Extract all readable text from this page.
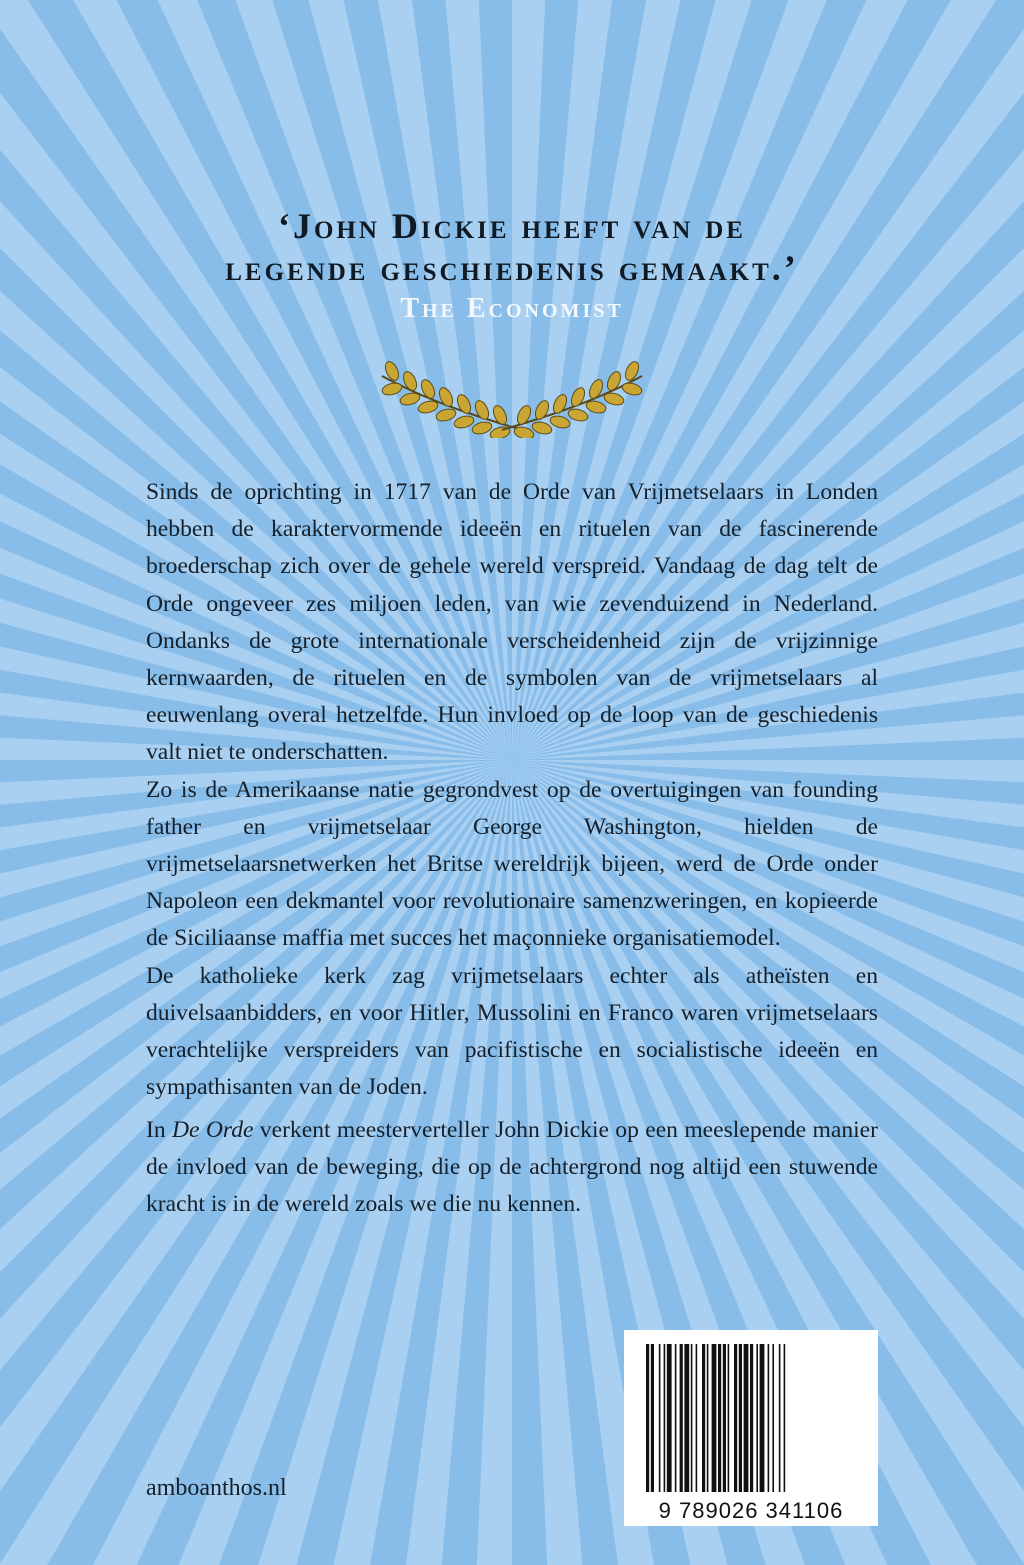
‘John Dickie heeft van de
legende geschiedenis gemaakt.’
The Economist
Sinds de oprichting in 1717 van de Orde van Vrijmetselaars in Londen hebben de karaktervormende ideeën en rituelen van de fascinerende broederschap zich over de gehele wereld verspreid. Vandaag de dag telt de Orde ongeveer zes miljoen leden, van wie zevenduizend in Nederland. Ondanks de grote internationale verscheidenheid zijn de vrijzinnige kernwaarden, de rituelen en de symbolen van de vrijmetselaars al eeuwenlang overal hetzelfde. Hun invloed op de loop van de geschiedenis valt niet te onderschatten.
Zo is de Amerikaanse natie gegrondvest op de overtuigingen van founding father en vrijmetselaar George Washington, hielden de vrijmetselaarsnetwerken het Britse wereldrijk bijeen, werd de Orde onder Napoleon een dekmantel voor revolutionaire samenzweringen, en kopieerde de Siciliaanse maffia met succes het maçonnieke organisatiemodel.
De katholieke kerk zag vrijmetselaars echter als atheïsten en duivelsaanbidders, en voor Hitler, Mussolini en Franco waren vrijmetselaars verachtelijke verspreiders van pacifistische en socialistische ideeën en sympathisanten van de Joden.
In De Orde verkent meesterverteller John Dickie op een meeslepende manier de invloed van de beweging, die op de achtergrond nog altijd een stuwende kracht is in de wereld zoals we die nu kennen.
amboanthos.nl
9 789026 341106
